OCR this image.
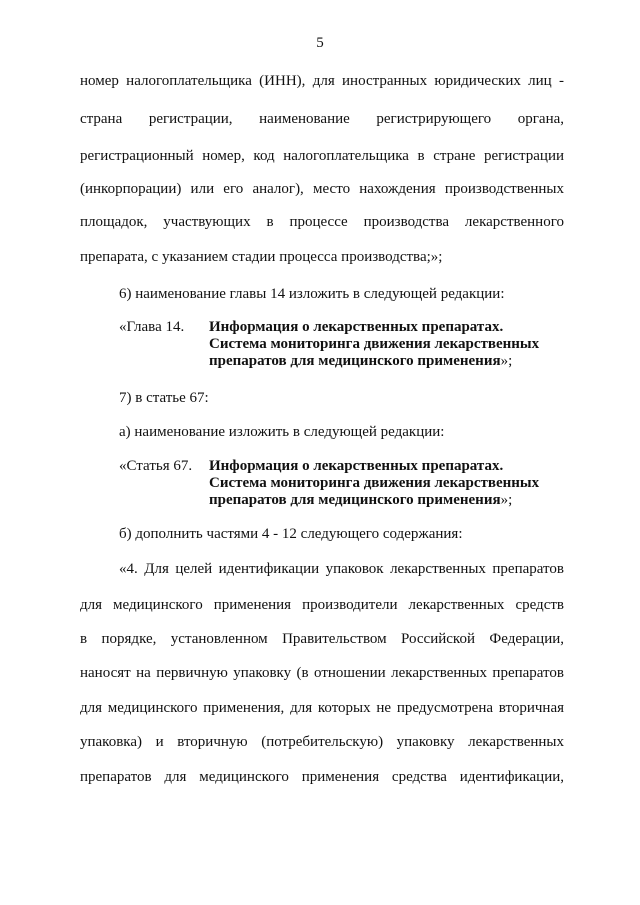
5
номер налогоплательщика (ИНН), для иностранных юридических лиц -
страна регистрации, наименование регистрирующего органа,
регистрационный номер, код налогоплательщика в стране регистрации
(инкорпорации) или его аналог), место нахождения производственных
площадок, участвующих в процессе производства лекарственного
препарата, с указанием стадии процесса производства;»;
6) наименование главы 14 изложить в следующей редакции:
«Глава 14. Информация о лекарственных препаратах.
Система мониторинга движения лекарственных
препаратов для медицинского применения»;
7) в статье 67:
а) наименование изложить в следующей редакции:
«Статья 67. Информация о лекарственных препаратах.
Система мониторинга движения лекарственных
препаратов для медицинского применения»;
б) дополнить частями 4 - 12 следующего содержания:
«4. Для целей идентификации упаковок лекарственных препаратов
для медицинского применения производители лекарственных средств
в порядке, установленном Правительством Российской Федерации,
наносят на первичную упаковку (в отношении лекарственных препаратов
для медицинского применения, для которых не предусмотрена вторичная
упаковка) и вторичную (потребительскую) упаковку лекарственных
препаратов для медицинского применения средства идентификации,
